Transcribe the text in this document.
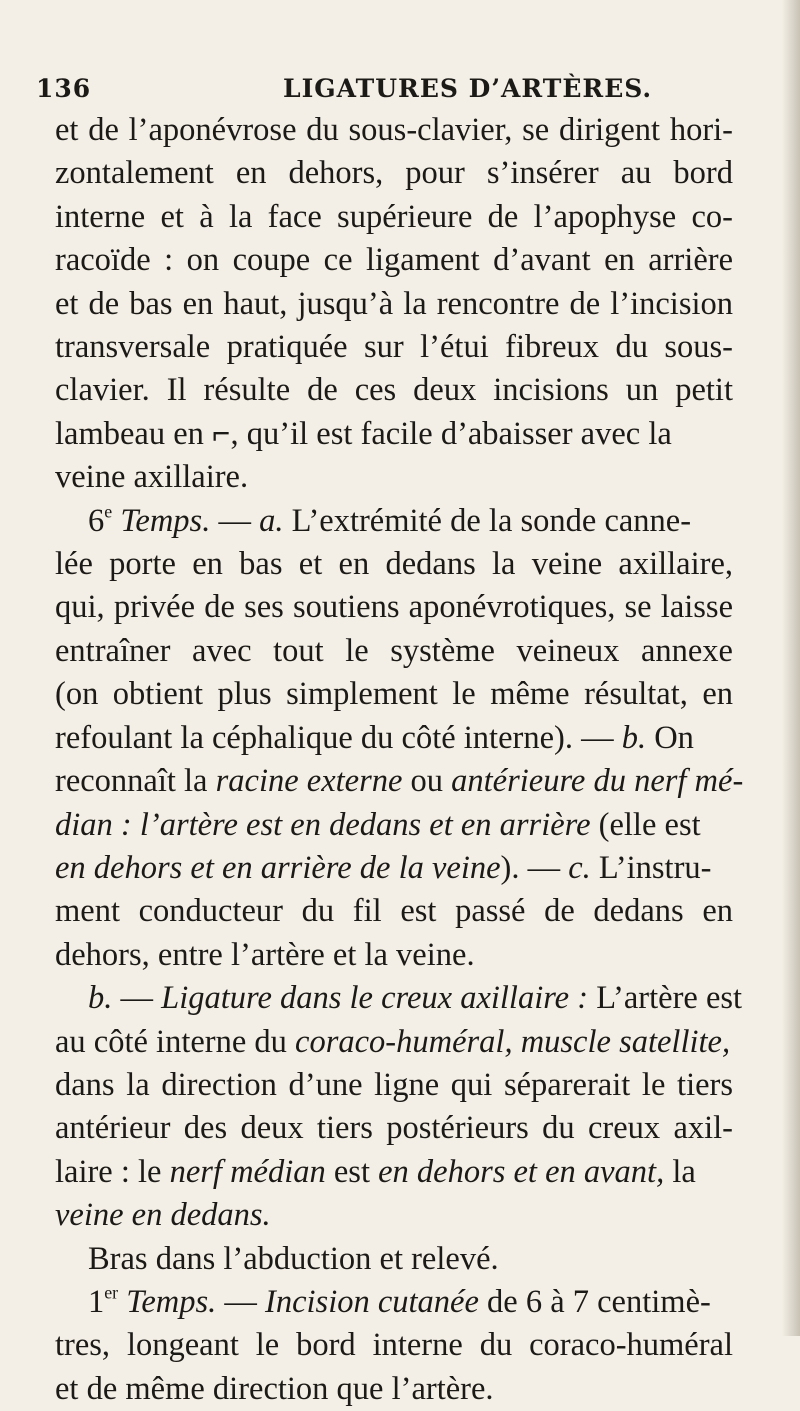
136	LIGATURES D’ARTÈRES.
et de l’aponévrose du sous-clavier, se dirigent hori-
zontalement en dehors, pour s’insérer au bord
interne et à la face supérieure de l’apophyse co-
racoïde : on coupe ce ligament d’avant en arrière
et de bas en haut, jusqu’à la rencontre de l’incision
transversale pratiquée sur l’étui fibreux du sous-
clavier. Il résulte de ces deux incisions un petit
lambeau en ⌐, qu’il est facile d’abaisser avec la
veine axillaire.
6e Temps. — a. L’extrémité de la sonde canne-
lée porte en bas et en dedans la veine axillaire,
qui, privée de ses soutiens aponévrotiques, se laisse
entraîner avec tout le système veineux annexe
(on obtient plus simplement le même résultat, en
refoulant la céphalique du côté interne). — b. On
reconnaît la racine externe ou antérieure du nerf mé-
dian : l’artère est en dedans et en arrière (elle est
en dehors et en arrière de la veine). — c. L’instru-
ment conducteur du fil est passé de dedans en
dehors, entre l’artère et la veine.
b. — Ligature dans le creux axillaire : L’artère est
au côté interne du coraco-huméral, muscle satellite,
dans la direction d’une ligne qui séparerait le tiers
antérieur des deux tiers postérieurs du creux axil-
laire : le nerf médian est en dehors et en avant, la
veine en dedans.
Bras dans l’abduction et relevé.
1er Temps. — Incision cutanée de 6 à 7 centimè-
tres, longeant le bord interne du coraco-huméral
et de même direction que l’artère.
